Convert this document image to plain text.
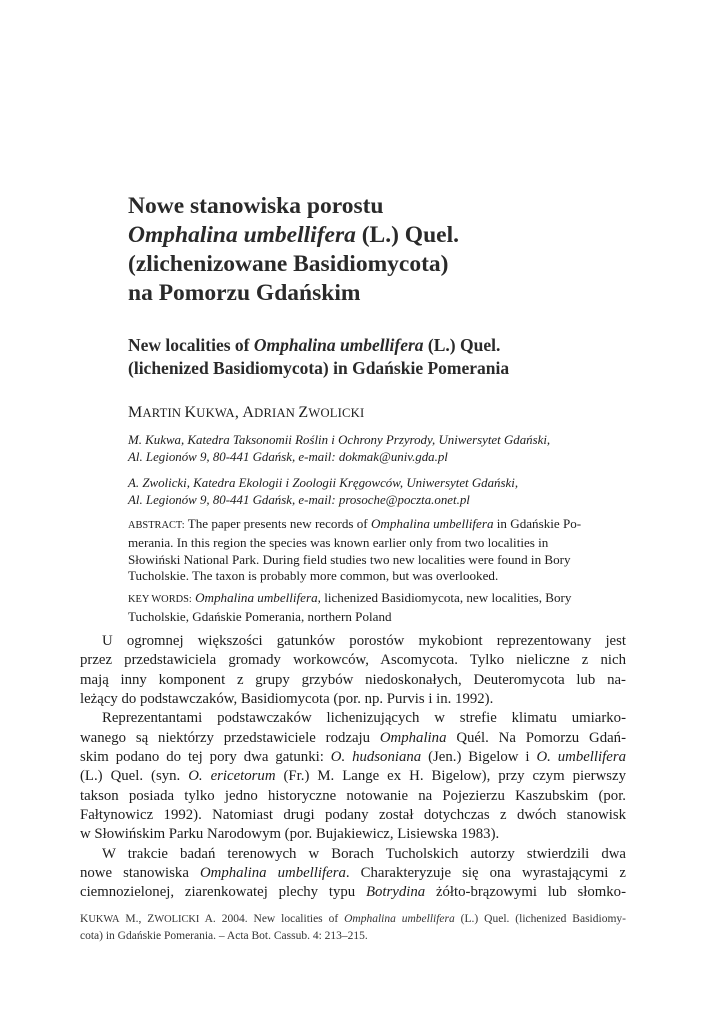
Nowe stanowiska porostu
Omphalina umbellifera (L.) Quel.
(zlichenizowane Basidiomycota)
na Pomorzu Gdańskim
New localities of Omphalina umbellifera (L.) Quel.
(lichenized Basidiomycota) in Gdańskie Pomerania
MARTIN KUKWA, ADRIAN ZWOLICKI
M. Kukwa, Katedra Taksonomii Roślin i Ochrony Przyrody, Uniwersytet Gdański,
Al. Legionów 9, 80-441 Gdańsk, e-mail: dokmak@univ.gda.pl
A. Zwolicki, Katedra Ekologii i Zoologii Kręgowców, Uniwersytet Gdański,
Al. Legionów 9, 80-441 Gdańsk, e-mail: prosoche@poczta.onet.pl
ABSTRACT: The paper presents new records of Omphalina umbellifera in Gdańskie Po-
merania. In this region the species was known earlier only from two localities in
Słowiński National Park. During field studies two new localities were found in Bory
Tucholskie. The taxon is probably more common, but was overlooked.
KEY WORDS: Omphalina umbellifera, lichenized Basidiomycota, new localities, Bory
Tucholskie, Gdańskie Pomerania, northern Poland
U ogromnej większości gatunków porostów mykobiont reprezentowany jest
przez przedstawiciela gromady workowców, Ascomycota. Tylko nieliczne z nich
mają inny komponent z grupy grzybów niedoskonałych, Deuteromycota lub na-
leżący do podstawczaków, Basidiomycota (por. np. Purvis i in. 1992).
Reprezentantami podstawczaków lichenizujących w strefie klimatu umiarko-
wanego są niektórzy przedstawiciele rodzaju Omphalina Quél. Na Pomorzu Gdań-
skim podano do tej pory dwa gatunki: O. hudsoniana (Jen.) Bigelow i O. umbellifera
(L.) Quel. (syn. O. ericetorum (Fr.) M. Lange ex H. Bigelow), przy czym pierwszy
takson posiada tylko jedno historyczne notowanie na Pojezierzu Kaszubskim (por.
Fałtynowicz 1992). Natomiast drugi podany został dotychczas z dwóch stanowisk
w Słowińskim Parku Narodowym (por. Bujakiewicz, Lisiewska 1983).
W trakcie badań terenowych w Borach Tucholskich autorzy stwierdzili dwa
nowe stanowiska Omphalina umbellifera. Charakteryzuje się ona wyrastającymi z
ciemnozielonej, ziarenkowatej plechy typu Botrydina żółto-brązowymi lub słomko-
KUKWA M., ZWOLICKI A. 2004. New localities of Omphalina umbellifera (L.) Quel. (lichenized Basidiomy-
cota) in Gdańskie Pomerania. – Acta Bot. Cassub. 4: 213–215.
